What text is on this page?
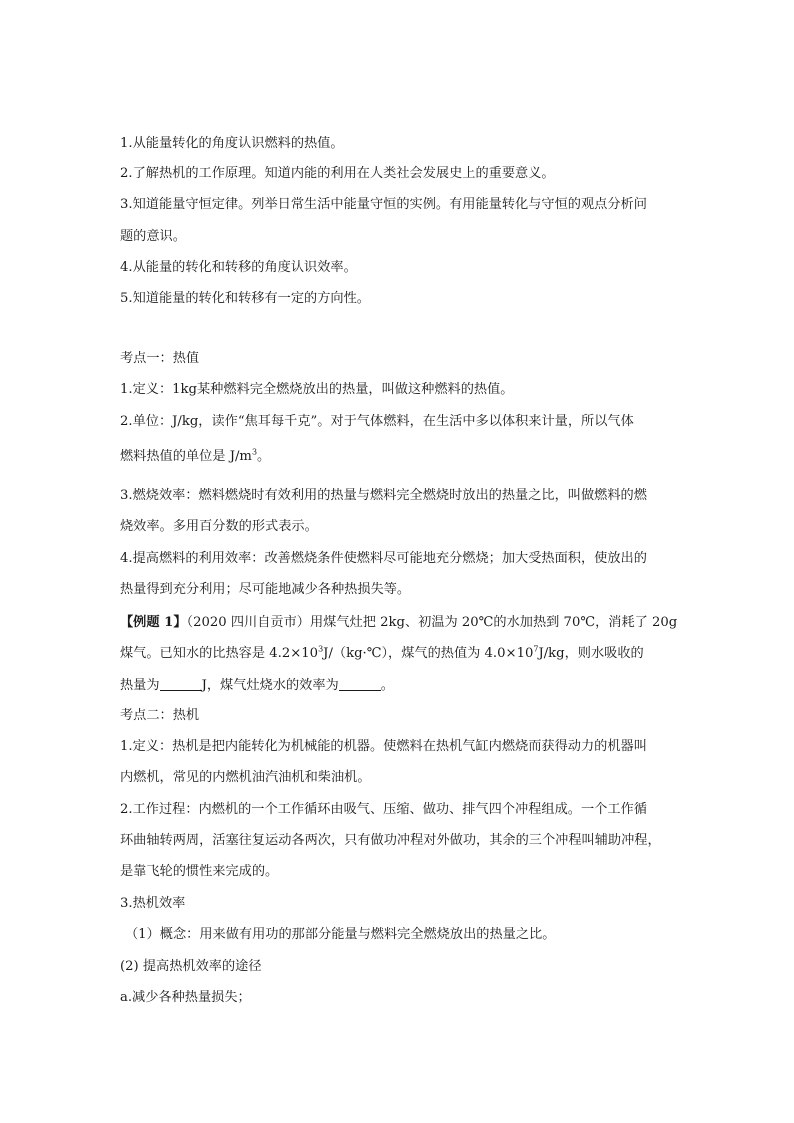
1.从能量转化的角度认识燃料的热值。
2.了解热机的工作原理。知道内能的利用在人类社会发展史上的重要意义。
3.知道能量守恒定律。列举日常生活中能量守恒的实例。有用能量转化与守恒的观点分析问
题的意识。
4.从能量的转化和转移的角度认识效率。
5.知道能量的转化和转移有一定的方向性。
考点一：热值
1.定义：1kg某种燃料完全燃烧放出的热量，叫做这种燃料的热值。
2.单位：J/kg，读作“焦耳每千克”。对于气体燃料，在生活中多以体积来计量，所以气体
燃料热值的单位是 $J/m^3$。
3.燃烧效率：燃料燃烧时有效利用的热量与燃料完全燃烧时放出的热量之比，叫做燃料的燃
烧效率。多用百分数的形式表示。
4.提高燃料的利用效率：改善燃烧条件使燃料尽可能地充分燃烧；加大受热面积，使放出的
热量得到充分利用；尽可能地减少各种热损失等。
【例题 1】（2020 四川自贡市）用煤气灶把 2kg、初温为 20℃的水加热到 70℃，消耗了 20g
煤气。已知水的比热容是 $4.2\times 10^3J/(kg\cdot℃)$，煤气的热值为 $4.0\times 10^7J/kg$，则水吸收的
热量为	J，煤气灶烧水的效率为	。
考点二：热机
1.定义：热机是把内能转化为机械能的机器。使燃料在热机气缸内燃烧而获得动力的机器叫
内燃机，常见的内燃机油汽油机和柴油机。
2.工作过程：内燃机的一个工作循环由吸气、压缩、做功、排气四个冲程组成。一个工作循
环曲轴转两周，活塞往复运动各两次，只有做功冲程对外做功，其余的三个冲程叫辅助冲程，
是靠飞轮的惯性来完成的。
3.热机效率
（1）概念：用来做有用功的那部分能量与燃料完全燃烧放出的热量之比。
(2) 提高热机效率的途径
a.减少各种热量损失；
